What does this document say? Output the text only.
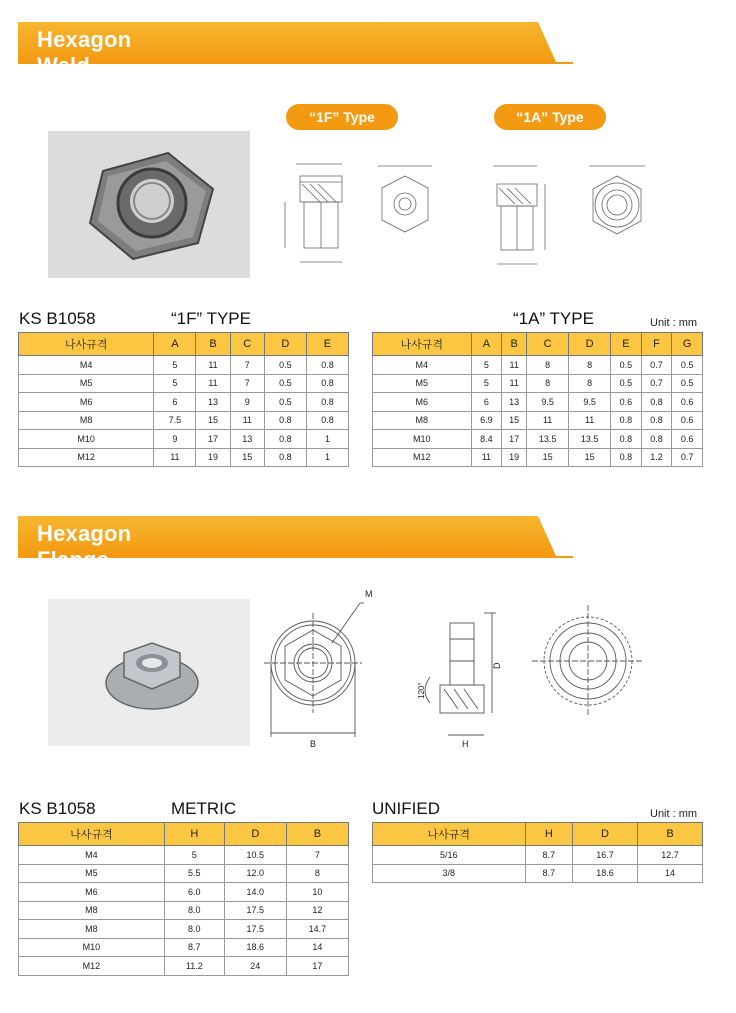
Hexagon Weld Nuts
“1F” Type	“1A” Type
KS B1058	“1F” TYPE	“1A” TYPE	Unit : mm
나사규격	A	B	C	D	E
M4	5	11	7	0.5	0.8
M5	5	11	7	0.5	0.8
M6	6	13	9	0.5	0.8
M8	7.5	15	11	0.8	0.8
M10	9	17	13	0.8	1
M12	11	19	15	0.8	1
나사규격	A	B	C	D	E	F	G
M4	5	11	8	8	0.5	0.7	0.5
M5	5	11	8	8	0.5	0.7	0.5
M6	6	13	9.5	9.5	0.6	0.8	0.6
M8	6.9	15	11	11	0.8	0.8	0.6
M10	8.4	17	13.5	13.5	0.8	0.8	0.6
M12	11	19	15	15	0.8	1.2	0.7
Hexagon Flange Nuts	M
B
D
H
120°
KS B1058	METRIC	UNIFIED	Unit : mm
나사규격	H	D	B
M4	5	10.5	7
M5	5.5	12.0	8
M6	6.0	14.0	10
M8	8.0	17.5	12
M8	8.0	17.5	14.7
M10	8.7	18.6	14
M12	11.2	24	17
나사규격	H	D	B
5/16	8.7	16.7	12.7
3/8	8.7	18.6	14
